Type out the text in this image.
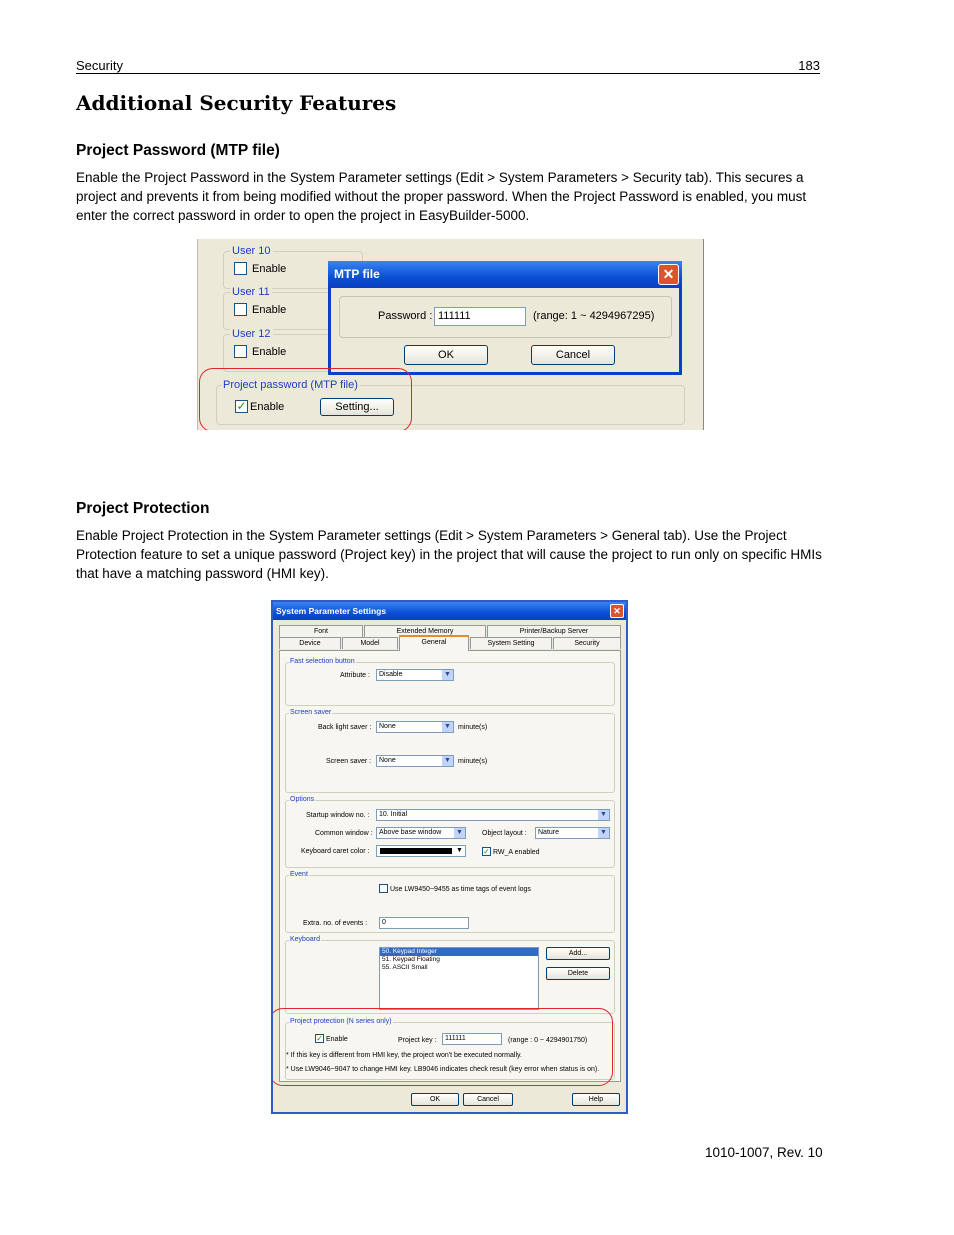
Security	183
Additional Security Features
Project Password (MTP file)
Enable the Project Password in the System Parameter settings (Edit > System Parameters > Security tab). This secures a project and prevents it from being modified without the proper password. When the Project Password is enabled, you must enter the correct password in order to open the project in EasyBuilder-5000.
User 10
Enable
User 11
Enable
User 12
Enable
Project password (MTP file)
✓ Enable	Setting...
MTP file	✕
Password : 111111	(range: 1 ~ 4294967295)
OK	Cancel
Project Protection
Enable Project Protection in the System Parameter settings (Edit > System Parameters > General tab). Use the Project Protection feature to set a unique password (Project key) in the project that will cause the project to run only on specific HMIs that have a matching password (HMI key).
System Parameter Settings	✕
Font	Extended Memory	Printer/Backup Server
Device	Model	General	System Setting	Security
Fast selection button
Attribute :	Disable	▼
Screen saver
Back light saver :	None	▼ minute(s)
Screen saver :	None	▼ minute(s)
Options
Startup window no. :	10. Initial	▼
Common window : Above base window ▼	Object layout :	Nature	▼
Keyboard caret color :	▼	✓ RW_A enabled
Event
Use LW9450~9455 as time tags of event logs
Extra. no. of events :	0
Keyboard
50. Keypad Integer
51. Keypad Floating
55. ASCII Small
Add...
Delete
Project protection (N series only)
✓ Enable	Project key :	111111	(range : 0 ~ 4294901750)
* If this key is different from HMI key, the project won't be executed normally.
* Use LW9046~9047 to change HMI key. LB9046 indicates check result (key error when status is on).
OK	Cancel	Help
1010-1007, Rev. 10
